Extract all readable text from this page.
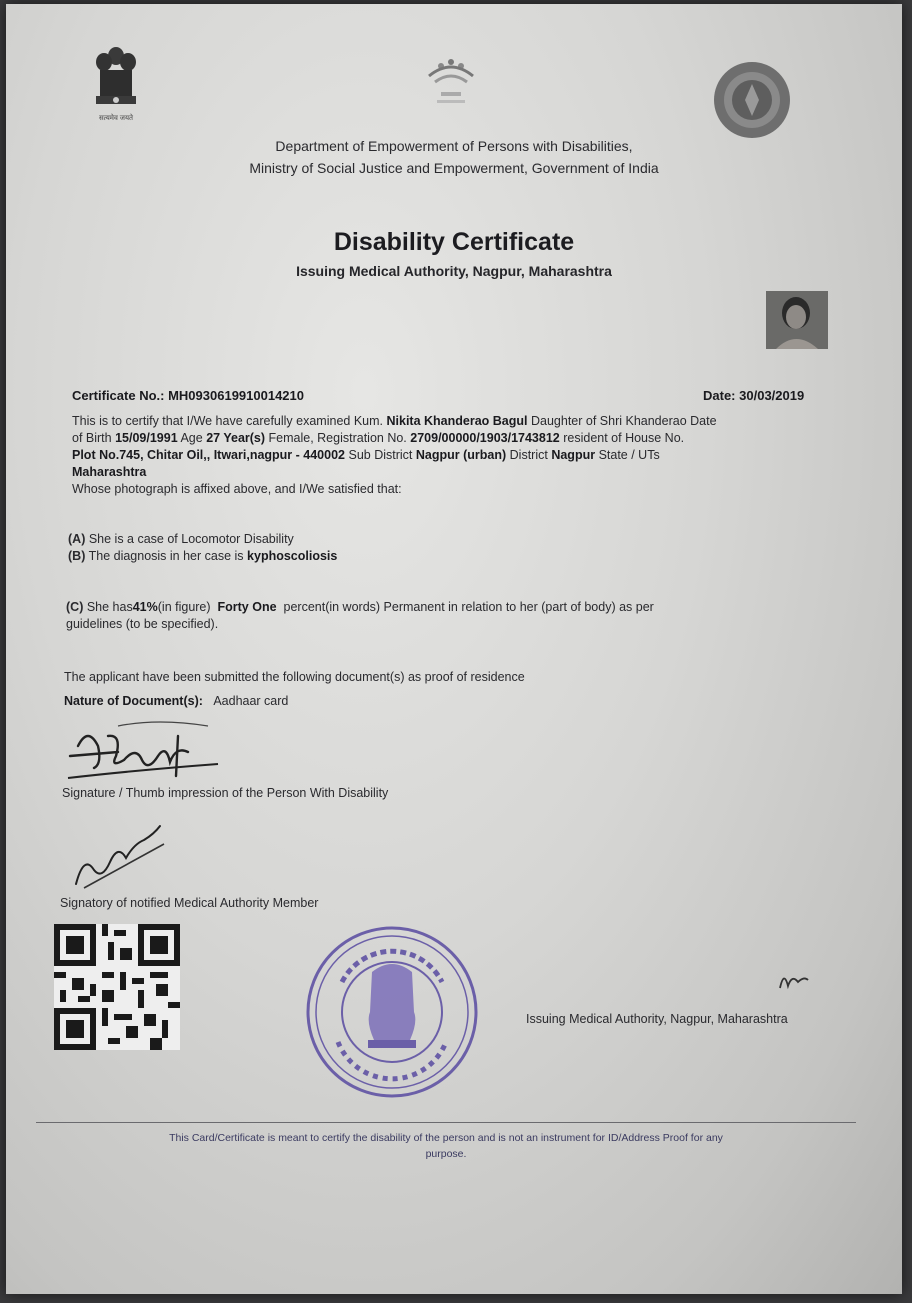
सत्यमेव जयते
Department of Empowerment of Persons with Disabilities,
Ministry of Social Justice and Empowerment, Government of India
Disability Certificate
Issuing Medical Authority, Nagpur, Maharashtra
Certificate No.: MH0930619910014210	Date: 30/03/2019
This is to certify that I/We have carefully examined Kum. Nikita Khanderao Bagul Daughter of Shri Khanderao Date
of Birth 15/09/1991 Age 27 Year(s) Female, Registration No. 2709/00000/1903/1743812 resident of House No.
Plot No.745, Chitar Oil,, Itwari,nagpur - 440002 Sub District Nagpur (urban) District Nagpur State / UTs
Maharashtra
Whose photograph is affixed above, and I/We satisfied that:
(A) She is a case of Locomotor Disability
(B) The diagnosis in her case is kyphoscoliosis
(C) She has41%(in figure) Forty One percent(in words) Permanent in relation to her (part of body) as per
guidelines (to be specified).
The applicant have been submitted the following document(s) as proof of residence
Nature of Document(s): Aadhaar card
Signature / Thumb impression of the Person With Disability
Signatory of notified Medical Authority Member
Issuing Medical Authority, Nagpur, Maharashtra
This Card/Certificate is meant to certify the disability of the person and is not an instrument for ID/Address Proof for any
purpose.
